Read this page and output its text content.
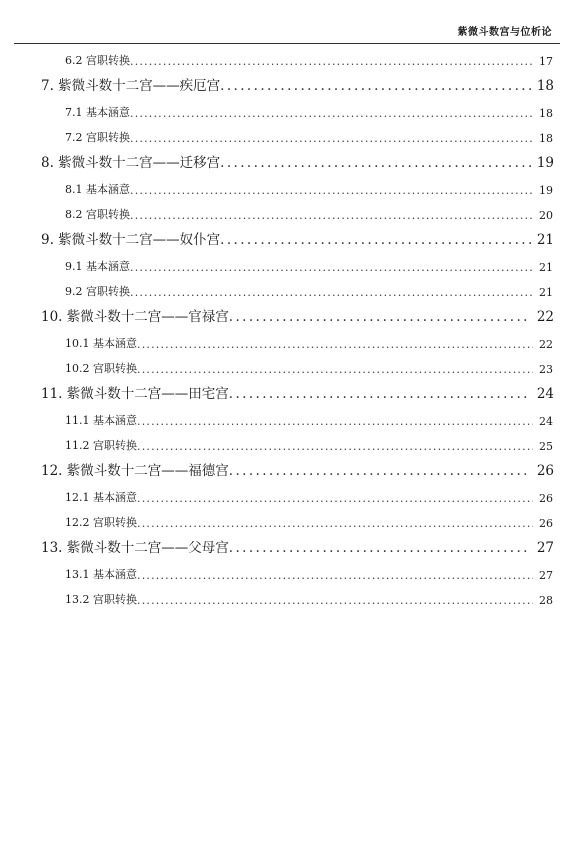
紫微斗数宫与位析论
6.2 宫职转换 .....	17
7. 紫微斗数十二宫——疾厄宫 .....	18
7.1 基本涵意 .....	18
7.2 宫职转换 .....	18
8. 紫微斗数十二宫——迁移宫 .....	19
8.1 基本涵意 .....	19
8.2 宫职转换 .....	20
9. 紫微斗数十二宫——奴仆宫 .....	21
9.1 基本涵意 .....	21
9.2 宫职转换 .....	21
10. 紫微斗数十二宫——官禄宫 .....	22
10.1 基本涵意 .....	22
10.2 宫职转换 .....	23
11. 紫微斗数十二宫——田宅宫 .....	24
11.1 基本涵意 .....	24
11.2 宫职转换 .....	25
12. 紫微斗数十二宫——福德宫 .....	26
12.1 基本涵意 .....	26
12.2 宫职转换 .....	26
13. 紫微斗数十二宫——父母宫 .....	27
13.1 基本涵意 .....	27
13.2 宫职转换 .....	28
